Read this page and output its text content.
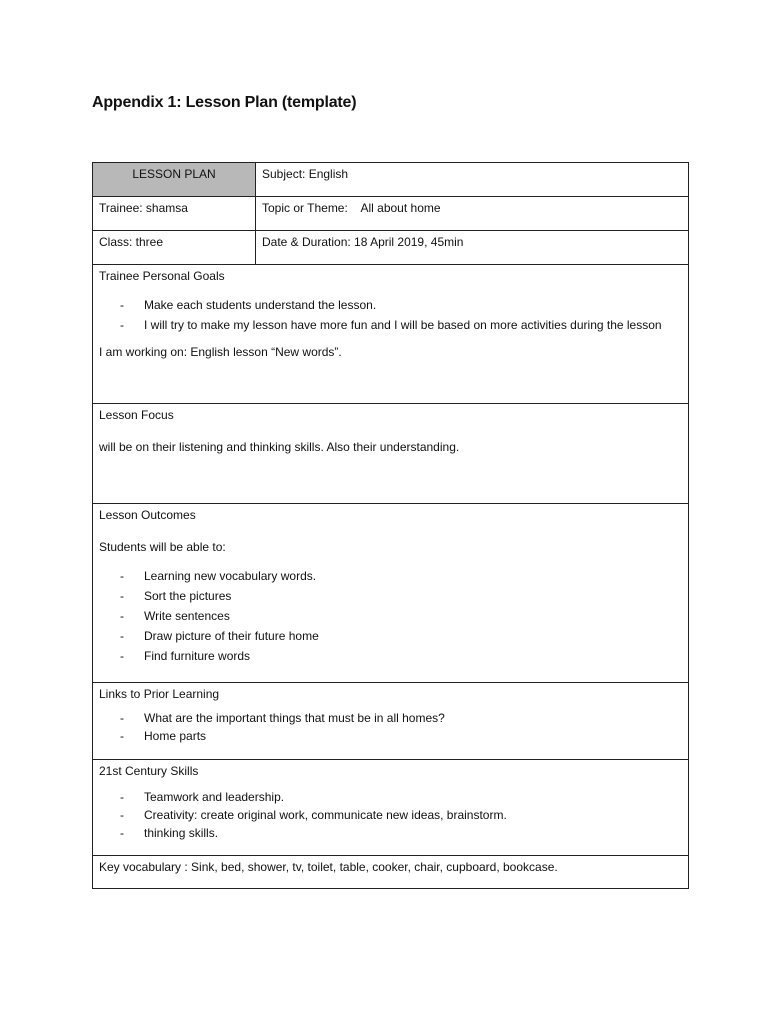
Appendix 1: Lesson Plan (template)
LESSON PLAN	Subject: English
Trainee: shamsa	Topic or Theme:    All about home
Class: three	Date & Duration: 18 April 2019, 45min

Trainee Personal Goals

- Make each students understand the lesson.
- I will try to make my lesson have more fun and I will be based on more activities during the lesson

I am working on: English lesson “New words”.

Lesson Focus

will be on their listening and thinking skills. Also their understanding.

Lesson Outcomes

Students will be able to:

- Learning new vocabulary words.
- Sort the pictures
- Write sentences
- Draw picture of their future home
- Find furniture words

Links to Prior Learning

- What are the important things that must be in all homes?
- Home parts

21st Century Skills

- Teamwork and leadership.
- Creativity: create original work, communicate new ideas, brainstorm.
- thinking skills.

Key vocabulary : Sink, bed, shower, tv, toilet, table, cooker, chair, cupboard, bookcase.
